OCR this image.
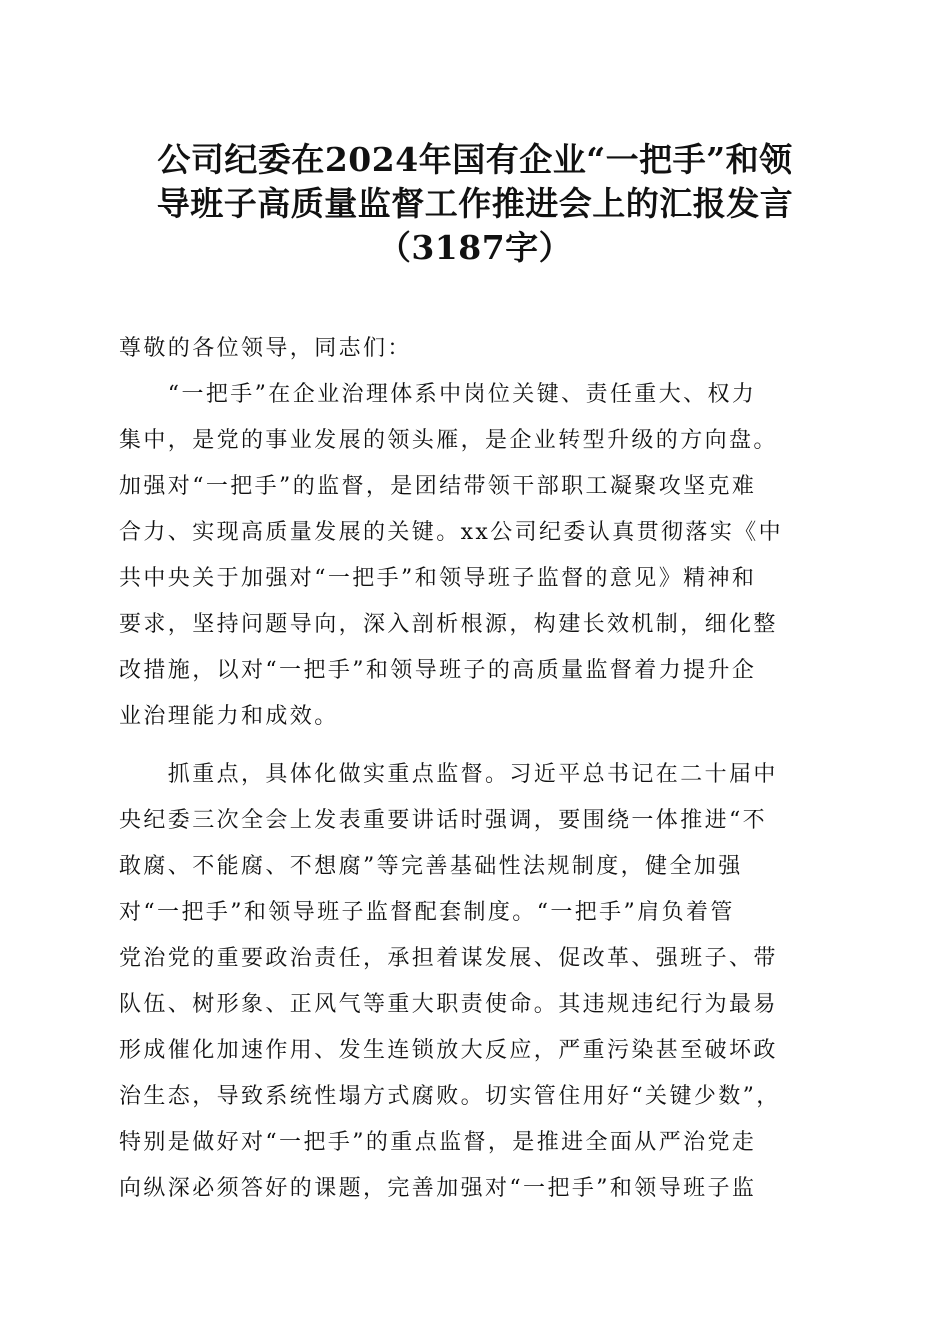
公司纪委在2024年国有企业“一把手”和领
导班子高质量监督工作推进会上的汇报发言
（3187字）
尊敬的各位领导，同志们：
　　“一把手”在企业治理体系中岗位关键、责任重大、权力
集中，是党的事业发展的领头雁，是企业转型升级的方向盘。
加强对“一把手”的监督，是团结带领干部职工凝聚攻坚克难
合力、实现高质量发展的关键。xx公司纪委认真贯彻落实《中
共中央关于加强对“一把手”和领导班子监督的意见》精神和
要求，坚持问题导向，深入剖析根源，构建长效机制，细化整
改措施，以对“一把手”和领导班子的高质量监督着力提升企
业治理能力和成效。
　　抓重点，具体化做实重点监督。习近平总书记在二十届中
央纪委三次全会上发表重要讲话时强调，要围绕一体推进“不
敢腐、不能腐、不想腐”等完善基础性法规制度，健全加强
对“一把手”和领导班子监督配套制度。“一把手”肩负着管
党治党的重要政治责任，承担着谋发展、促改革、强班子、带
队伍、树形象、正风气等重大职责使命。其违规违纪行为最易
形成催化加速作用、发生连锁放大反应，严重污染甚至破坏政
治生态，导致系统性塌方式腐败。切实管住用好“关键少数”，
特别是做好对“一把手”的重点监督，是推进全面从严治党走
向纵深必须答好的课题，完善加强对“一把手”和领导班子监
